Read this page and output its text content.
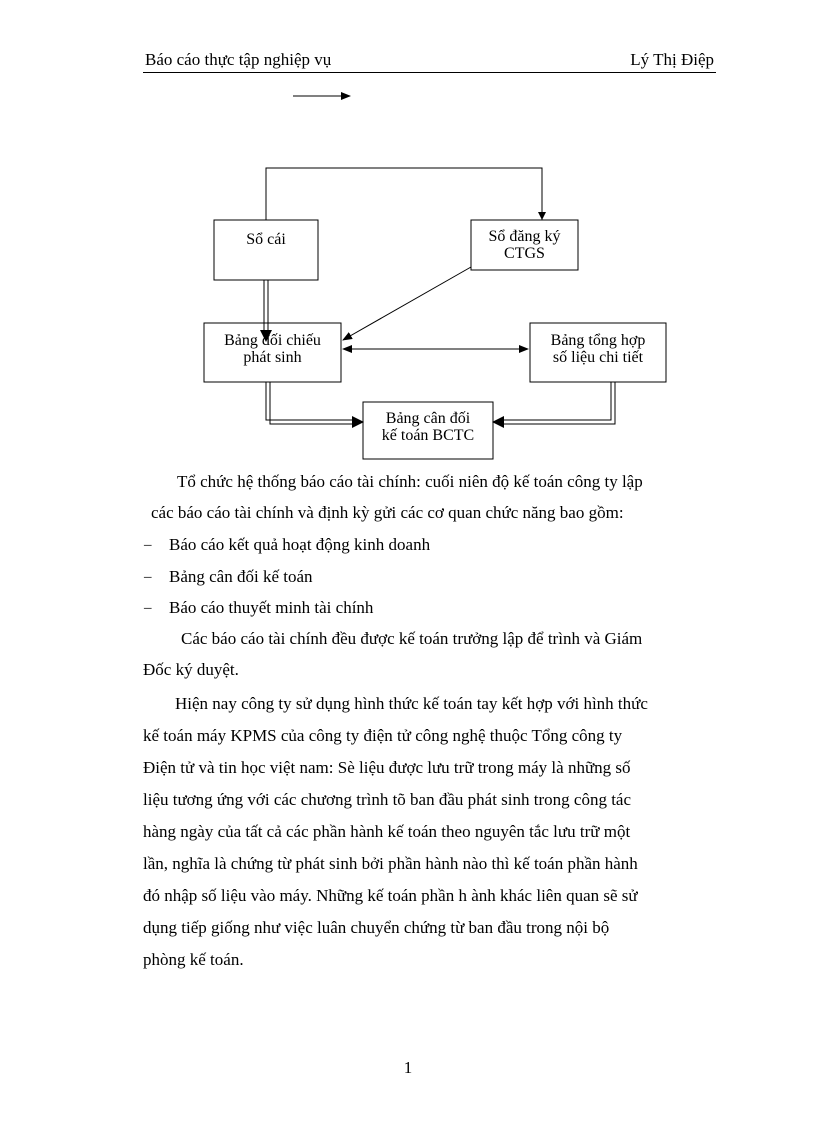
Báo cáo thực tập nghiệp vụ	Lý Thị Điệp
Sổ cái	Sổ đăng ký
CTGS
Bảng đối chiếu
phát sinh
Bảng tổng hợp
số liệu chi tiết
Bảng cân đối
kế toán BCTC
Tổ chức hệ thống báo cáo tài chính: cuối niên độ kế toán công ty lập
các báo cáo tài chính và định kỳ gửi các cơ quan chức năng bao gồm:
– Báo cáo kết quả hoạt động kinh doanh
– Bảng cân đối kế toán
– Báo cáo thuyết minh tài chính
Các báo cáo tài chính đều được kế toán trưởng lập để trình và Giám
Đốc ký duyệt.
Hiện nay công ty sử dụng hình thức kế toán tay kết hợp với hình thức
kế toán máy KPMS của công ty điện tử công nghệ thuộc Tổng công ty
Điện tử và tin học việt nam: Sè liệu được lưu trữ trong máy là những số
liệu tương ứng với các chương trình tõ ban đầu phát sinh trong công tác
hàng ngày của tất cả các phần hành kế toán theo nguyên tắc lưu trữ một
lần, nghĩa là chứng từ phát sinh bởi phần hành nào thì kế toán phần hành
đó nhập số liệu vào máy. Những kế toán phần h ành khác liên quan sẽ sử
dụng tiếp giống như việc luân chuyển chứng từ ban đầu trong nội bộ
phòng kế toán.
1
